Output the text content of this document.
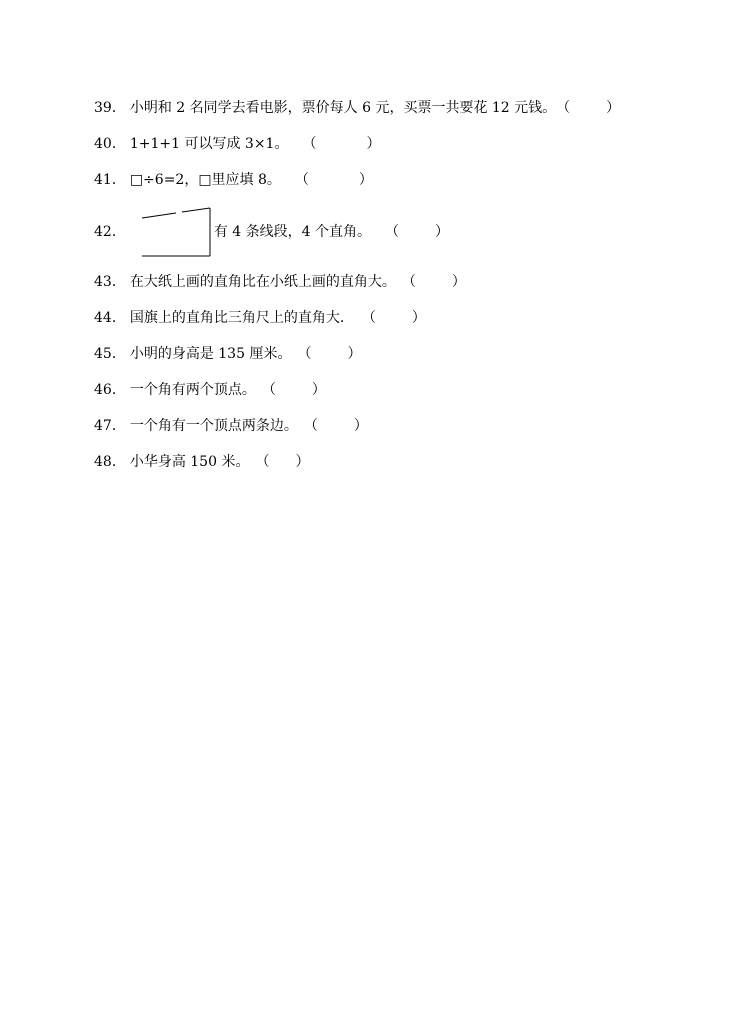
39． 小明和 2 名同学去看电影，票价每人 6 元，买票一共要花 12 元钱。（	）
40． 1+1+1 可以写成 3×1。 （	）
41． □÷6=2，□里应填 8。 （	）
42．	有 4 条线段，4 个直角。 （	）
43． 在大纸上画的直角比在小纸上画的直角大。 （	）
44． 国旗上的直角比三角尺上的直角大． （	）
45． 小明的身高是 135 厘米。 （	）
46． 一个角有两个顶点。 （	）
47． 一个角有一个顶点两条边。 （	）
48． 小华身高 150 米。 （ ）
